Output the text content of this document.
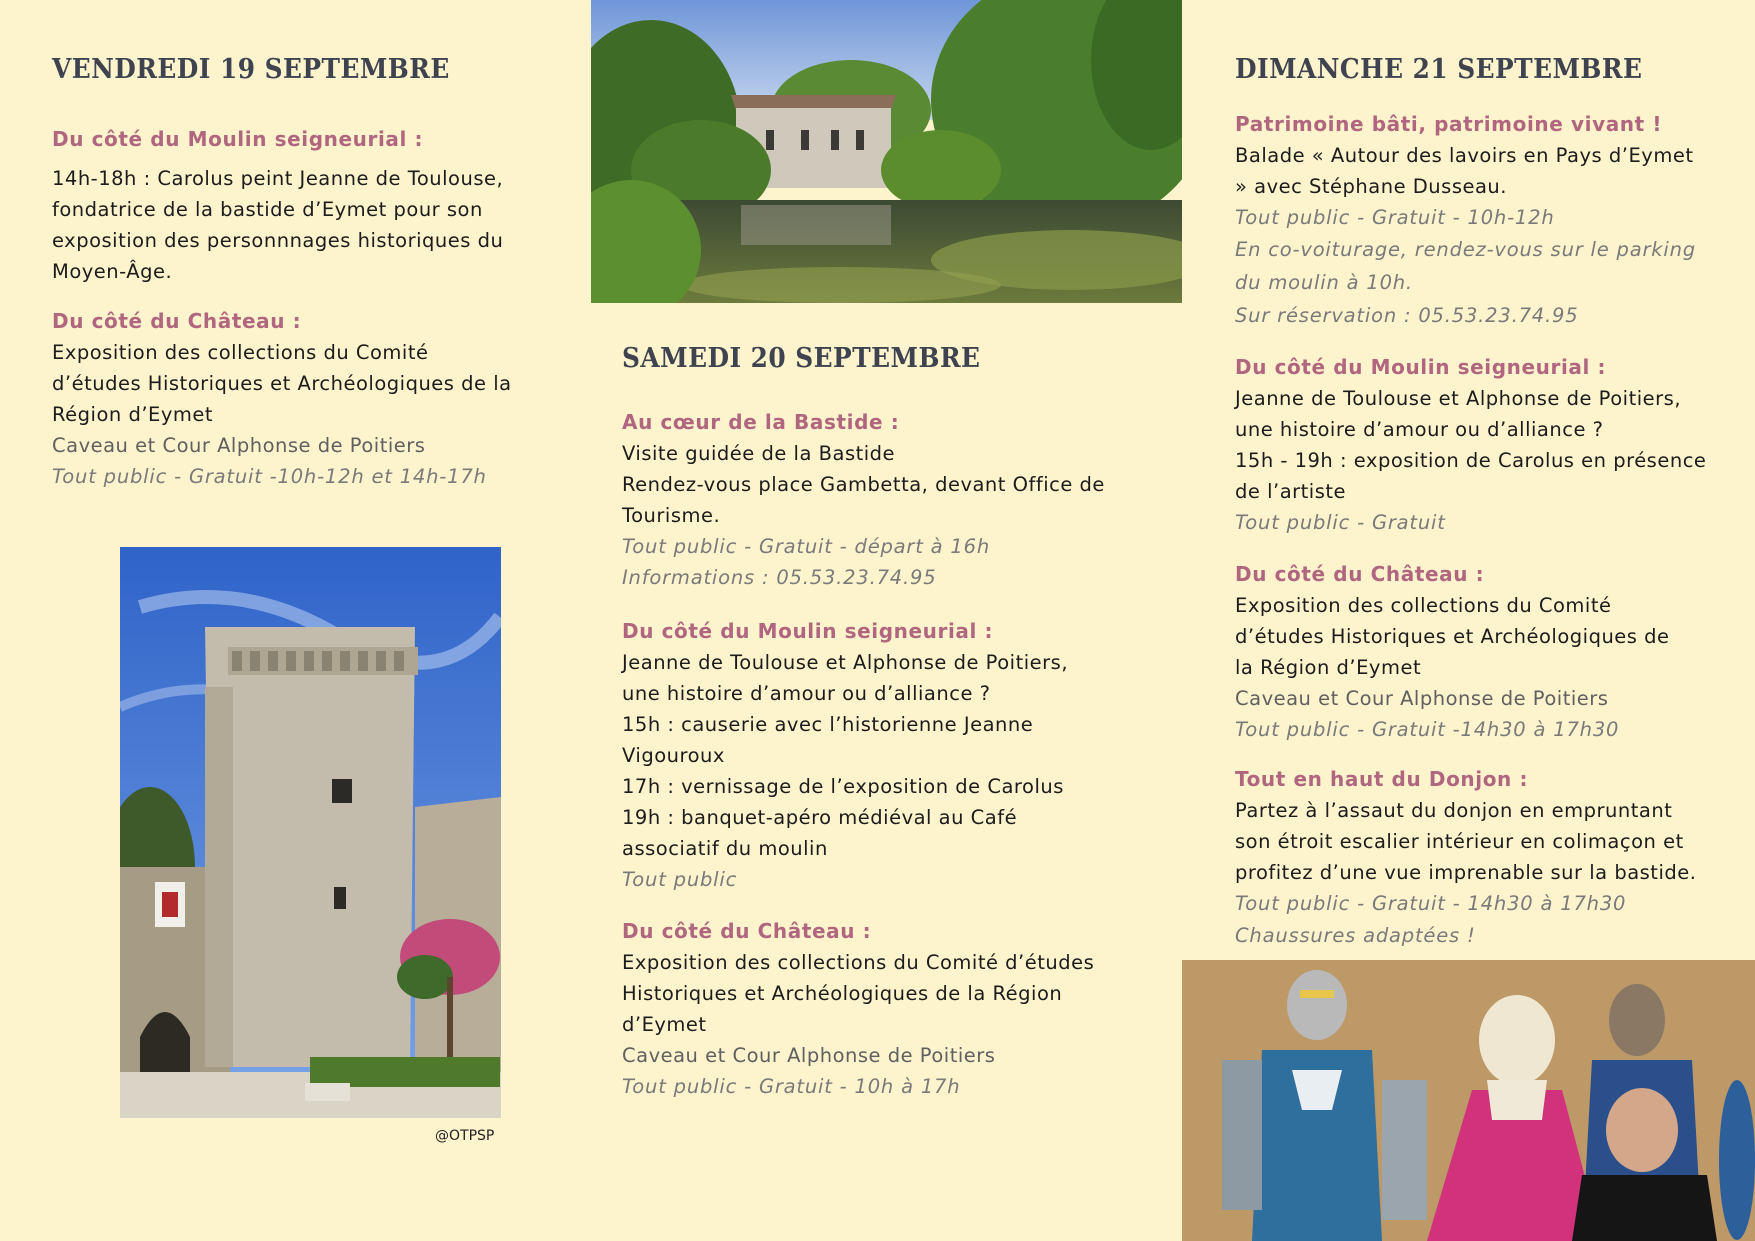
VENDREDI 19 SEPTEMBRE

Du côté du Moulin seigneurial :

14h-18h : Carolus peint Jeanne de Toulouse,

fondatrice de la bastide d’Eymet pour son

exposition des personnnages historiques du

Moyen-Âge.

Du côté du Château :

Exposition des collections du Comité

d’études Historiques et Archéologiques de la

Région d’Eymet

Caveau et Cour Alphonse de Poitiers

Tout public - Gratuit -10h-12h et 14h-17h

@OTPSP
SAMEDI 20 SEPTEMBRE

Au cœur de la Bastide :

Visite guidée de la Bastide

Rendez-vous place Gambetta, devant Office de

Tourisme.

Tout public - Gratuit - départ à 16h

Informations : 05.53.23.74.95

Du côté du Moulin seigneurial :

Jeanne de Toulouse et Alphonse de Poitiers,

une histoire d’amour ou d’alliance ?

15h : causerie avec l’historienne Jeanne

Vigouroux

17h : vernissage de l’exposition de Carolus

19h : banquet-apéro médiéval au Café

associatif du moulin

Tout public

Du côté du Château :

Exposition des collections du Comité d’études

Historiques et Archéologiques de la Région

d’Eymet

Caveau et Cour Alphonse de Poitiers

Tout public - Gratuit - 10h à 17h

DIMANCHE 21 SEPTEMBRE

Patrimoine bâti, patrimoine vivant !

Balade « Autour des lavoirs en Pays d’Eymet

» avec Stéphane Dusseau.

Tout public - Gratuit - 10h-12h

En co-voiturage, rendez-vous sur le parking

du moulin à 10h.

Sur réservation : 05.53.23.74.95

Du côté du Moulin seigneurial :

Jeanne de Toulouse et Alphonse de Poitiers,

une histoire d’amour ou d’alliance ?

15h - 19h : exposition de Carolus en présence

de l’artiste

Tout public - Gratuit

Du côté du Château :

Exposition des collections du Comité

d’études Historiques et Archéologiques de

la Région d’Eymet

Caveau et Cour Alphonse de Poitiers

Tout public - Gratuit -14h30 à 17h30

Tout en haut du Donjon :

Partez à l’assaut du donjon en empruntant

son étroit escalier intérieur en colimaçon et

profitez d’une vue imprenable sur la bastide.

Tout public - Gratuit - 14h30 à 17h30

Chaussures adaptées !
